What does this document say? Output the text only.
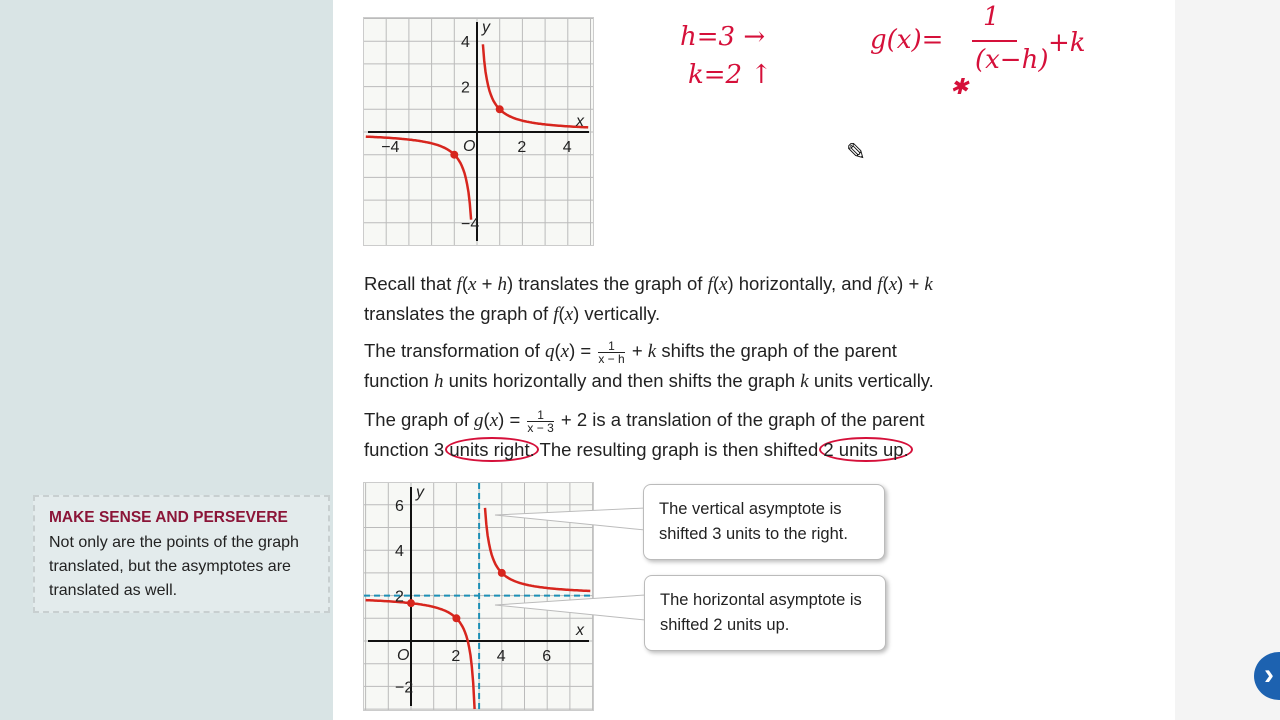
−4	2 4
4
2
−4
y
x
O
2 4 6
6
4
2
−2
y
x
O
h=3 →
k=2 ↑
g(x)=
1
(x−h)
+k
✱
✎
Recall that f(x + h) translates the graph of f(x) horizontally, and f(x) + k
translates the graph of f(x) vertically.
The transformation of $q(x) = \frac{1}{x - h} + k$ shifts the graph of the parent
function h units horizontally and then shifts the graph k units vertically.
The graph of $g(x) = \frac{1}{x - 3} + 2$ is a translation of the graph of the parent
function 3 units right. The resulting graph is then shifted 2 units up.
MAKE SENSE AND PERSEVERE
Not only are the points of the graph translated, but the asymptotes are translated as well.
The vertical asymptote is shifted 3 units to the right.
The horizontal asymptote is shifted 2 units up.
›
